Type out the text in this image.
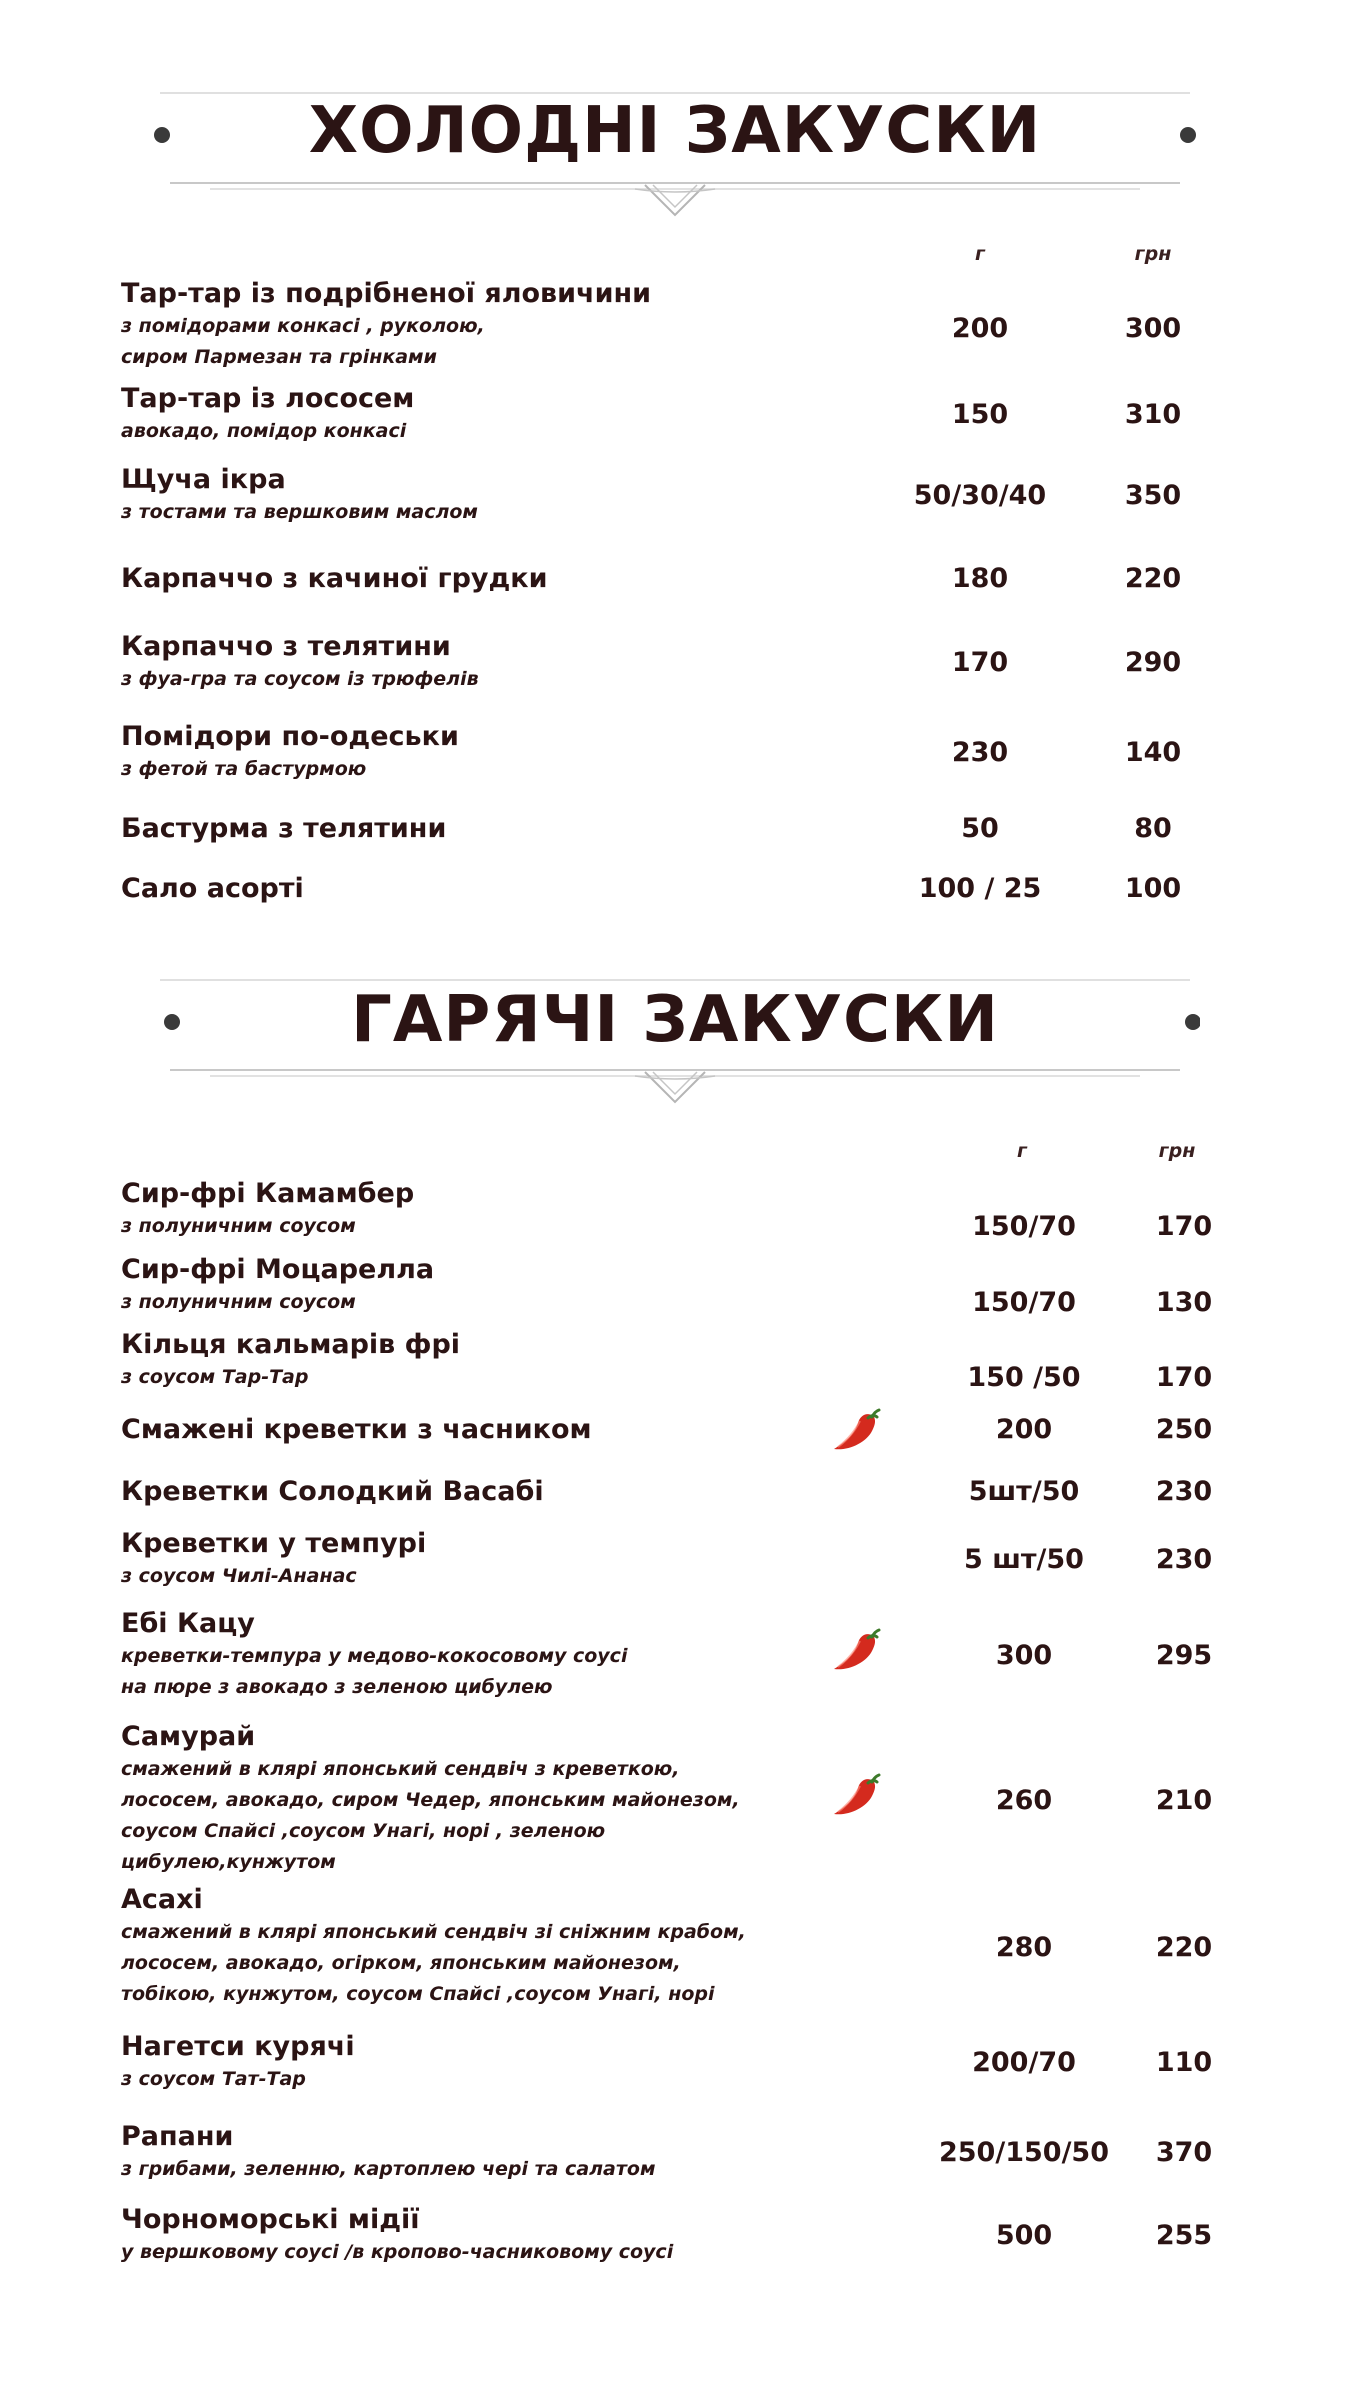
ХОЛОДНІ ЗАКУСКИ
г	грн
Тар-тар із подрібненої яловичини
з помідорами конкасі , руколою,
сиром Пармезан та грінками
200	300
Тар-тар із лососем
авокадо, помідор конкасі
150	310
Щуча ікра
з тостами та вершковим маслом
50/30/40	350
Карпаччо з качиної грудки	180	220
Карпаччо з телятини
з фуа-гра та соусом із трюфелів
170	290
Помідори по-одеськи
з фетой та бастурмою
230	140
Бастурма з телятини	50	80
Сало асорті	100 / 25	100
ГАРЯЧІ ЗАКУСКИ
г	грн
Сир-фрі Камамбер
з полуничним соусом	150/70	170
Сир-фрі Моцарелла
з полуничним соусом	150/70	130
Кільця кальмарів фрі
з соусом Тар-Тар	150 /50	170
Смажені креветки з часником	200	250
Креветки Солодкий Васабі	5шт/50	230
Креветки у темпурі
з соусом Чилі-Ананас
5 шт/50	230
Ебі Кацу
креветки-темпура у медово-кокосовому соусі
на пюре з авокадо з зеленою цибулею
300	295
Самурай
смажений в клярі японський сендвіч з креветкою,
лососем, авокадо, сиром Чедер, японським майонезом,
соусом Спайсі ,соусом Унагі, норі , зеленою
цибулею,кунжутом
260	210
Асахі
смажений в клярі японський сендвіч зі сніжним крабом,
лососем, авокадо, огірком, японським майонезом,
тобікою, кунжутом, соусом Спайсі ,соусом Унагі, норі
280	220
Нагетси курячі
з соусом Тат-Тар
200/70	110
Рапани
з грибами, зеленню, картоплею чері та салатом
250/150/50	370
Чорноморські мідії
у вершковому соусі /в кропово-часниковому соусі
500	255
